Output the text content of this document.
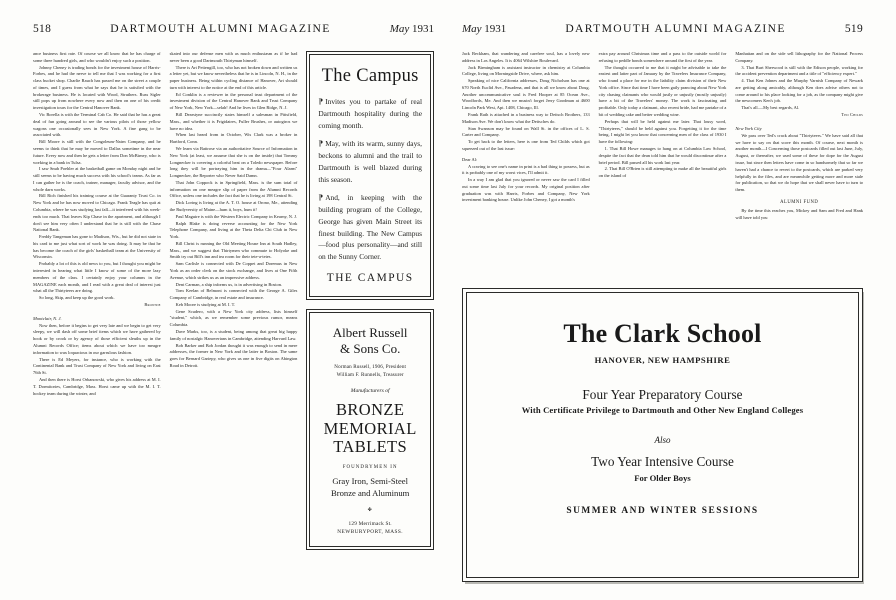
518	DARTMOUTH ALUMNI MAGAZINE	May 1931

ance business first rate. Of course we all know that he has charge of some three hundred girls, and who wouldn't enjoy such a position.

Johnny Cheney is trading bonds for the investment house of Harris-Forbes, and he had the nerve to tell me that I was working for a first class bucket shop. Charlie Rauch has passed me on the street a couple of times, and I guess from what he says that he is satisfied with the brokerage business. He is located with Wood, Struthers. Russ Sigler still pops up from nowhere every now and then on one of his credit investigation tours for the Central Hanover Bank.

Vic Borella is with the Terminal Cab Co. He said that he has a great deal of fun going around to see the various pilots of those yellow wagons one occasionally sees in New York. A fine gang to be associated with.

Bill Moore is still with the Congoleum-Nairn Company, and he seems to think that he may be moved to Dallas sometime in the near future. Every now and then he gets a letter from Don McBirney, who is working in a bank in Tulsa.

I saw Snub Poehler at the basketball game on Monday night and he still seems to be having much success with his school's teams. As far as I can gather he is the coach, trainer, manager, faculty advisor, and the whole darn works.

Bill Rich finished his training course at the Guaranty Trust Co. in New York and he has now moved to Chicago. Frank Teagle has quit at Columbia, where he was studying last fall—it interfered with his week-ends too much. That leaves Kip Chase in the apartment, and although I don't see him very often I understand that he is still with the Chase National Bank.

Freddy Tangeman has gone to Madison, Wis., but he did not state in his card to me just what sort of work he was doing. It may be that he has become the coach of the girls' basketball team at the University of Wisconsin.

Probably a lot of this is old news to you, but I thought you might be interested in hearing what little I know of some of the more lazy members of the class. I certainly enjoy your columns in the MAGAZINE each month, and I read with a great deal of interest just what all the Thirtyteers are doing.

So long, Skip, and keep up the good work.

Brownie

Montclair, N. J.

Now then, before it begins to get very late and we begin to get very sleepy, we will dash off some brief items which we have gathered by hook or by crook or by agency of those efficient sleuths up in the Alumni Records Office; items about which we have too meagre information to wax loquacious in our garrulous fashion.

There is Ed Meyers, for instance, who is working with the Continental Bank and Trust Company of New York and living on East 76th St.

And then there is Horst Orbanowski, who gives his address at M. I. T. Dormitories, Cambridge, Mass. Horst came up with the M. I. T. hockey team during the winter, and

skated into our defense men with as much enthusiasm as if he had never been a good Dartmouth Thirtyman himself.

There is Art Pettengill, too, who has not broken down and written us a letter yet, but we know nevertheless that he is in Lincoln, N. H., in the paper business. Being within cycling distance of Hanover, Art should turn with interest to the notice at the end of this article.

Ed Conklin is a reviewer in the personal trust department of the investment division of the Central Hanover Bank and Trust Company of New York, New York—selah! And he lives in Glen Ridge, N. J.

Bill Dearstyne succinctly states himself a salesman in Pittsfield, Mass., and whether it is Frigidaires, Fuller Brushes, or autogiros we have no idea.

When last heard from in October, Wis Clark was a broker in Hartford, Conn.

We learn via Battrose via an authoritative Source of Information in New York (at least, we assume that she is on the inside) that Tommy Longnecker is covering a colorful beat on a Toledo newspaper. Before long they will be portraying him in the drama—"Four Alarm" Longnecker, the Reporter who Never Said Damn.

That John Coppock is in Springfield, Mass. is the sum total of information on one meagre slip of paper from the Alumni Records Office, unless one includes the fact that he is living at 198 Central St.

Dick Loring is living at the A. T. O. house at Orono, Me., attending the Rudyversity of Maine—hum it, boys, hum it!

Paul Maguire is with the Western Electric Company in Kearny, N. J.

Ralph Blake is doing reverse accounting for the New York Telephone Company, and living at the Theta Delta Chi Club in New York.

Bill Christ is running the Old Meeting House Inn at South Hadley, Mass., and we suggest that Thirtymen who commute to Holyoke and Smith try out Bill's inn and tea room for their tete-a-tetes.

Sam Carlisle is connected with De Coppet and Doremus in New York as an order clerk on the stock exchange, and lives at One Fifth Avenue, which strikes us as an impressive address.

Dent Carman, a ship informs us, is in advertising in Boston.

Tom Keelan of Belmont is connected with the George A. Giles Company of Cambridge, in real estate and insurance.

Keb Moore is studying at M. I. T.

Gene Scudero, with a New York city address, lists himself "student," which, as we remember some previous rumor, means Columbia.

Dave Marks, too, is a student, being among that great big happy family of nostalgic Hanoverians in Cambridge, attending Harvard Law.

Bob Barker and Bob Jordan thought it was enough to send in mere addresses, the former in New York and the latter in Boston. The same goes for Bernard Gariepy, who gives us one in five digits on Abington Road in Detroit.

The Campus

⁋ Invites you to partake of real Dartmouth hospitality during the coming month.

⁋ May, with its warm, sunny days, beckons to alumni and the trail to Dartmouth is well blazed during this season.

⁋ And, in keeping with the building program of the College, George has given Main Street its finest building. The New Campus—food plus personality—and still on the Sunny Corner.

THE CAMPUS
Albert Russell
& Sons Co.
Norman Russell, 1906, President
William F. Runnells, Treasurer
Manufacturers of
BRONZE
MEMORIAL
TABLETS
FOUNDRYMEN IN
Gray Iron, Semi-Steel
Bronze and Aluminum
✤
129 Merrimack St.
NEWBURYPORT, MASS.
May 1931	DARTMOUTH ALUMNI MAGAZINE	519

Jack Beckham, that wandering and carefree soul, has a lovely new address in Los Angeles. It is 4064 Wilshire Boulevard.

Jack Birmingham is assistant instructor in chemistry at Columbia College, living on Morningside Drive, where, ask him.

Speaking of nice California addresses, Doug Nicholson has one at 670 North Euclid Ave., Pasadena, and that is all we know about Doug. Another uncommunicative soul is Fred Hooper at 85 Ocean Ave., Woodfords, Me. And then we mustn't forget Jerry Goodman at 4600 Lincoln Park West, Apt. 1408, Chicago, Ill.

Frank Rath is attached in a business way to Deitsch Brothers, 133 Madison Ave. We don't know what the Deitsches do.

Stan Swanson may be found on Wall St. in the offices of L. S. Carter and Company.

To get back to the letters, here is one from Ted Childs which got squeezed out of the last issue:

Dear Al:

A craving to see one's name in print is a bad thing to possess, but as it is probably one of my worst vices, I'll admit it.

In a way I am glad that you ignored or never saw the card I filled out some time last July for your records. My original position after graduation was with Harris, Forbes and Company, New York investment banking house. Unlike John Cheney, I got a month's

extra pay around Christmas time and a pass to the outside world for refusing to peddle bonds somewhere around the first of the year.

The thought occurred to me that it might be advisable to take the easiest and latter part of January by the Travelers Insurance Company, who found a place for me in the liability claim division of their New York office. Since that time I have been gaily prancing about New York city chasing claimants who would justly or unjustly (mostly unjustly) have a bit of the Travelers' money. The work is fascinating and profitable. Only today a claimant, also recent bride, had me partake of a bit of wedding cake and better wedding wine.

Perhaps that will be held against me later. That lousy word, "Thirtyteers," should be held against you. Forgetting it for the time being, I might let you know that concerning men of the class of 1930 I have the following:

1. That Bill Howe manages to hang on at Columbia Law School, despite the fact that the dean told him that he would discontinue after a brief period. Bill passed all his work last year.

2. That Bill O'Brien is still attempting to make all the beautiful girls on the island of

Manhattan and on the side sell lithography for the National Process Company.

3. That Burt Sherwood is still with the Edison people, working for the accident prevention department and a title of "efficiency expert."

4. That Ken Johnes and the Murphy Varnish Company of Newark are getting along amicably, although Ken does advise others not to come around to his place looking for a job, as the company might give the newcomers Ken's job.

That's all.—My best regards, Al.

Ted Childs

New York City

We pass over Ted's crack about "Thirtyteers." We have said all that we have to say on that score this month. Of course, next month is another month—I Concerning those postcards filled out last June, July, August, or thereafter, we used some of these for dope for the August issue, but since then letters have come in so handsomely that so far we haven't had a chance to revert to the postcards, which are parked very helpfully in the files, and are meanwhile getting more and more stale for publication, so that we do hope that we shall never have to turn to them.

ALUMNI FUND

By the time this reaches you, Mickey and Sam and Fred and Hank will have told you

The Clark School
HANOVER, NEW HAMPSHIRE
Four Year Preparatory Course
With Certificate Privilege to Dartmouth and Other New England Colleges
Also
Two Year Intensive Course
For Older Boys
SUMMER AND WINTER SESSIONS
